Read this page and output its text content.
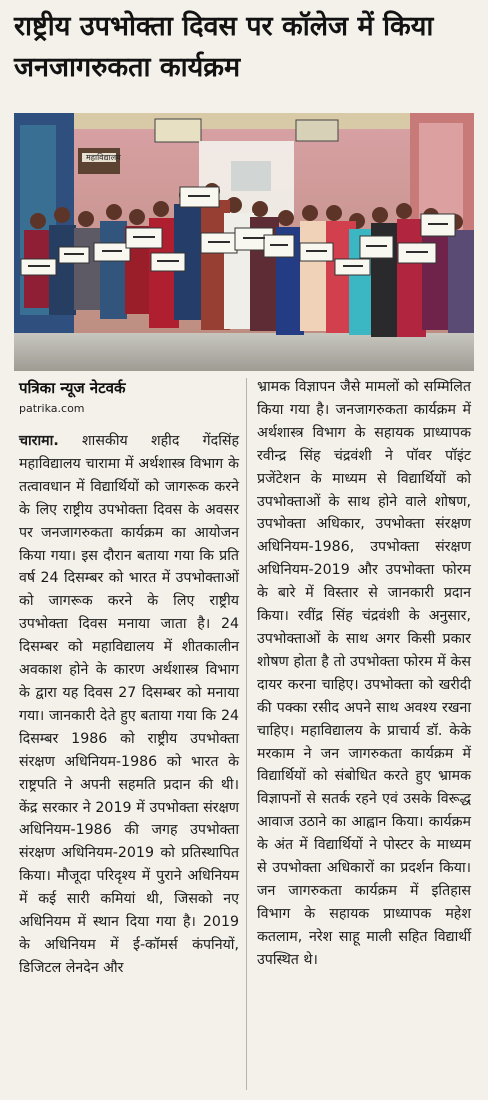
राष्ट्रीय उपभोक्ता दिवस पर कॉलेज में किया जनजागरुकता कार्यक्रम
महाविद्यालय
पत्रिका न्यूज नेटवर्क
patrika.com

चारामा. शासकीय शहीद गेंदसिंह महाविद्यालय चारामा में अर्थशास्त्र विभाग के तत्वावधान में विद्यार्थियों को जागरूक करने के लिए राष्ट्रीय उपभोक्ता दिवस के अवसर पर जनजागरुकता कार्यक्रम का आयोजन किया गया। इस दौरान बताया गया कि प्रति वर्ष 24 दिसम्बर को भारत में उपभोक्ताओं को जागरूक करने के लिए राष्ट्रीय उपभोक्ता दिवस मनाया जाता है। 24 दिसम्बर को महाविद्यालय में शीतकालीन अवकाश होने के कारण अर्थशास्त्र विभाग के द्वारा यह दिवस 27 दिसम्बर को मनाया गया। जानकारी देते हुए बताया गया कि 24 दिसम्बर 1986 को राष्ट्रीय उपभोक्ता संरक्षण अधिनियम-1986 को भारत के राष्ट्रपति ने अपनी सहमति प्रदान की थी। केंद्र सरकार ने 2019 में उपभोक्ता संरक्षण अधिनियम-1986 की जगह उपभोक्ता संरक्षण अधिनियम-2019 को प्रतिस्थापित किया। मौजूदा परिदृश्य में पुराने अधिनियम में कई सारी कमियां थी, जिसको नए अधिनियम में स्थान दिया गया है। 2019 के अधिनियम में ई-कॉमर्स कंपनियों, डिजिटल लेनदेन और

भ्रामक विज्ञापन जैसे मामलों को सम्मिलित किया गया है। जनजागरुकता कार्यक्रम में अर्थशास्त्र विभाग के सहायक प्राध्यापक रवीन्द्र सिंह चंद्रवंशी ने पॉवर पॉइंट प्रजेंटेशन के माध्यम से विद्यार्थियों को उपभोक्ताओं के साथ होने वाले शोषण, उपभोक्ता अधिकार, उपभोक्ता संरक्षण अधिनियम-1986, उपभोक्ता संरक्षण अधिनियम-2019 और उपभोक्ता फोरम के बारे में विस्तार से जानकारी प्रदान किया। रवींद्र सिंह चंद्रवंशी के अनुसार, उपभोक्ताओं के साथ अगर किसी प्रकार शोषण होता है तो उपभोक्ता फोरम में केस दायर करना चाहिए। उपभोक्ता को खरीदी की पक्का रसीद अपने साथ अवश्य रखना चाहिए। महाविद्यालय के प्राचार्य डॉ. केके मरकाम ने जन जागरुकता कार्यक्रम में विद्यार्थियों को संबोधित करते हुए भ्रामक विज्ञापनों से सतर्क रहने एवं उसके विरूद्ध आवाज उठाने का आह्वान किया। कार्यक्रम के अंत में विद्यार्थियों ने पोस्टर के माध्यम से उपभोक्ता अधिकारों का प्रदर्शन किया। जन जागरुकता कार्यक्रम में इतिहास विभाग के सहायक प्राध्यापक महेश कतलाम, नरेश साहू माली सहित विद्यार्थी उपस्थित थे।
